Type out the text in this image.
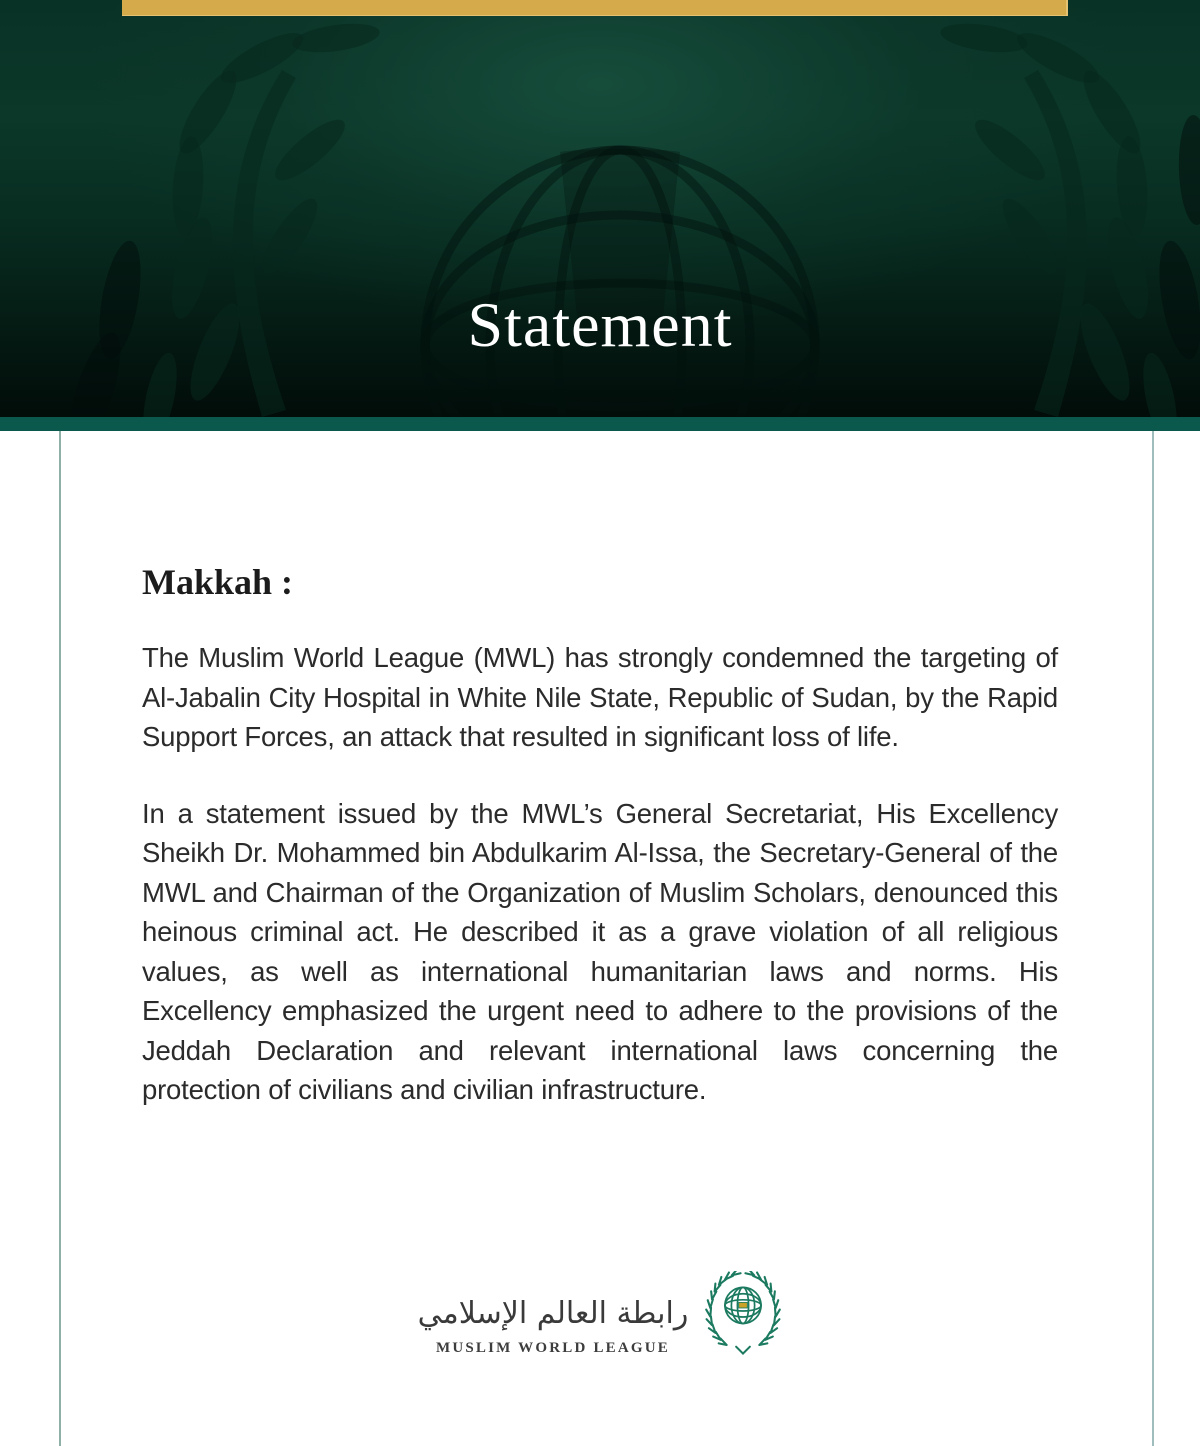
Statement
Makkah :

The Muslim World League (MWL) has strongly condemned the targeting of Al-Jabalin City Hospital in White Nile State, Republic of Sudan, by the Rapid Support Forces, an attack that resulted in significant loss of life.

In a statement issued by the MWL’s General Secretariat, His Excellency Sheikh Dr. Mohammed bin Abdulkarim Al-Issa, the Secretary-General of the MWL and Chairman of the Organization of Muslim Scholars, denounced this heinous criminal act. He described it as a grave violation of all religious values, as well as international humanitarian laws and norms. His Excellency emphasized the urgent need to adhere to the provisions of the Jeddah Declaration and relevant international laws concerning the protection of civilians and civilian infrastructure.

رابطة العالم الإسلامي
MUSLIM WORLD LEAGUE
